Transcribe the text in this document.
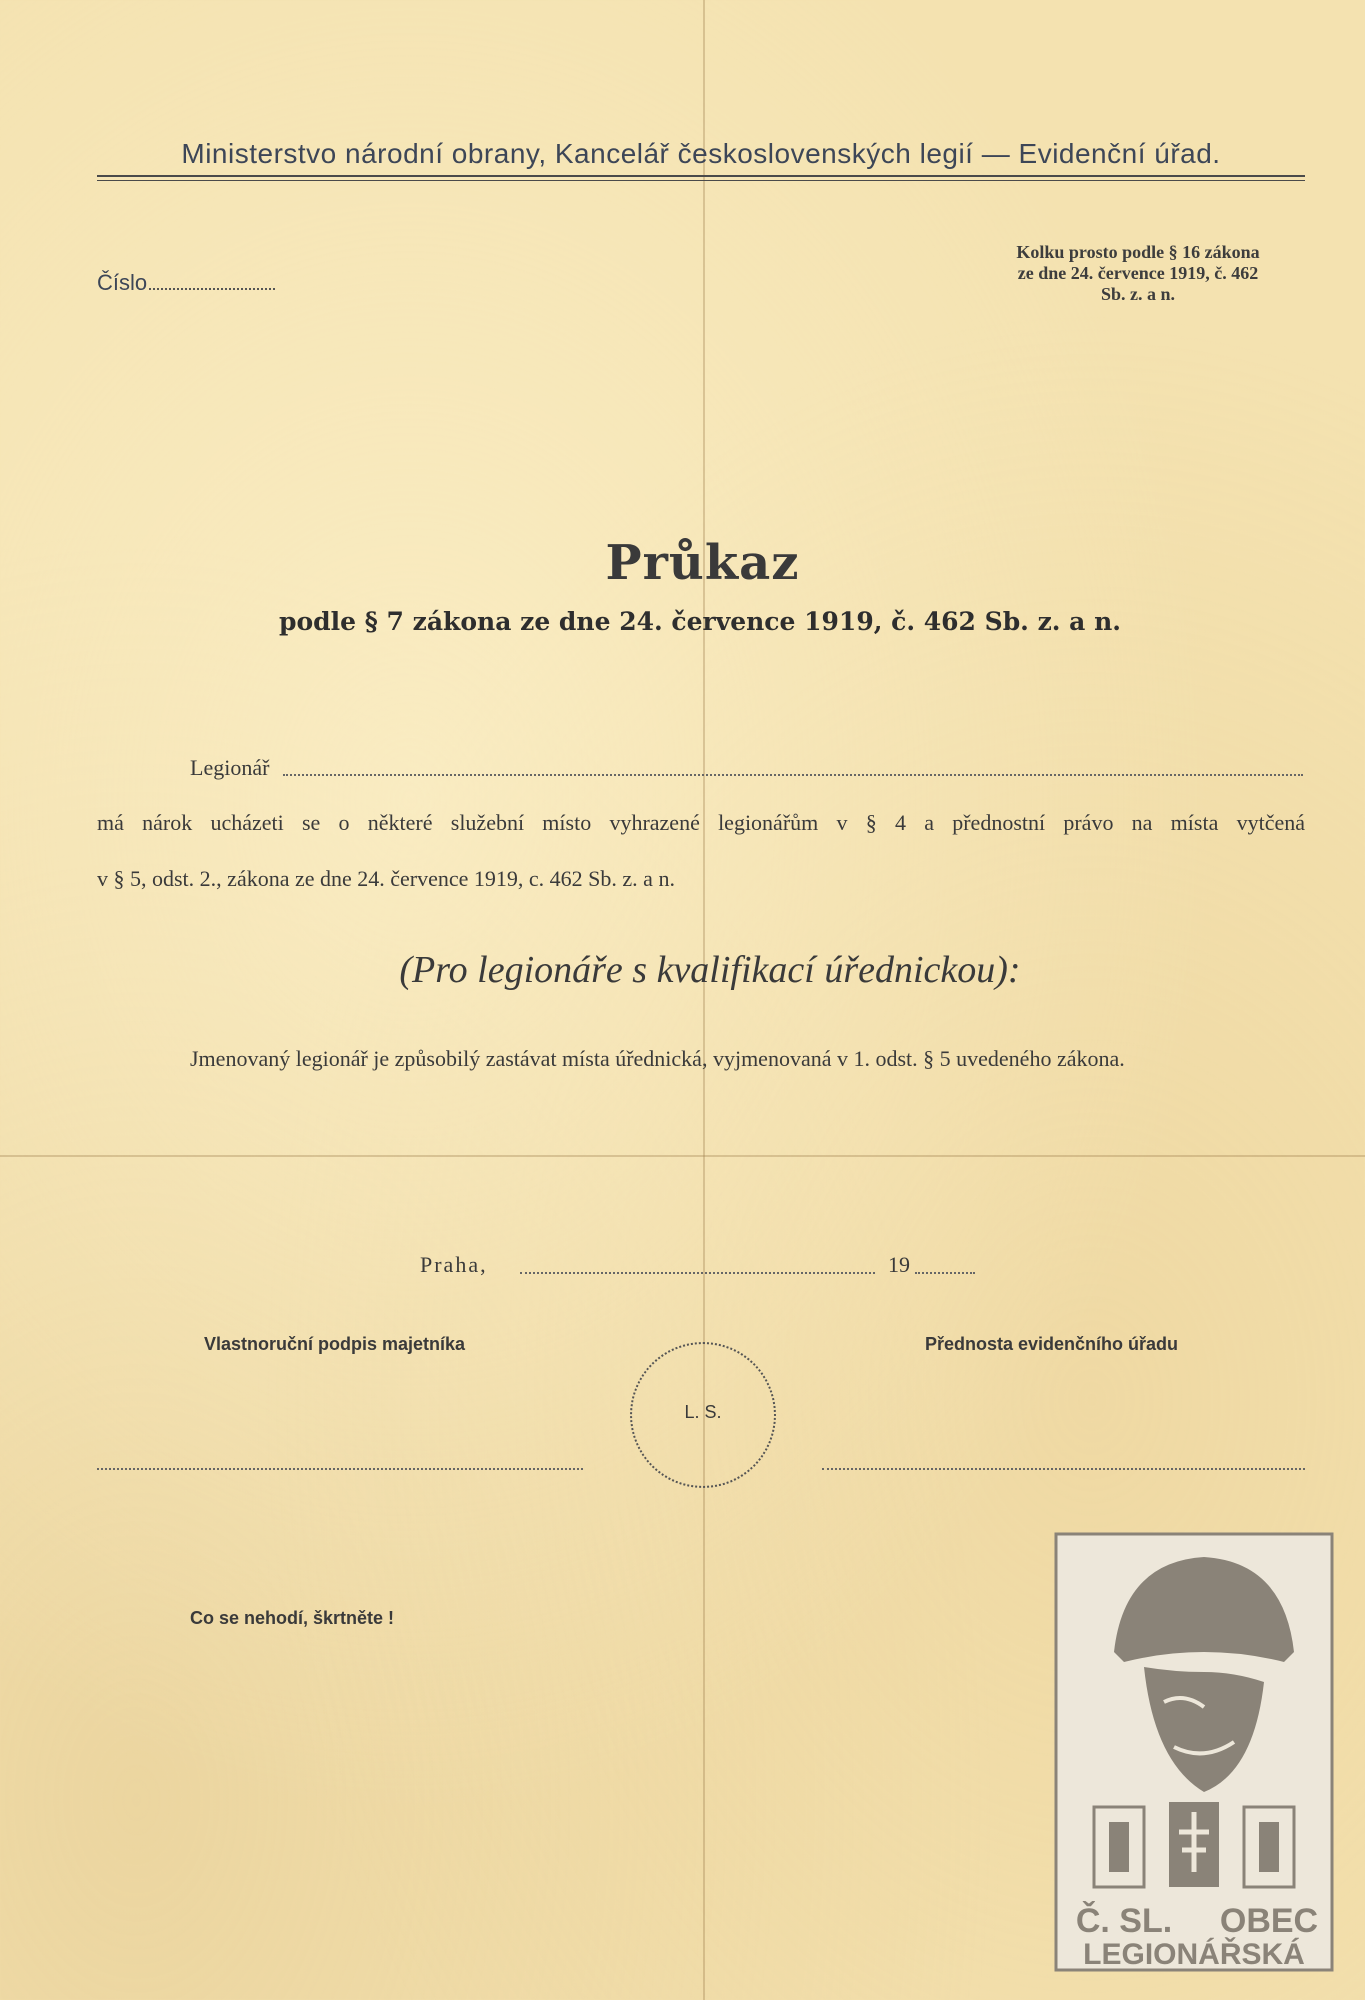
Ministerstvo národní obrany, Kancelář československých legií — Evidenční úřad.
Číslo
Kolku prosto podle § 16 zákona
ze dne 24. července 1919, č. 462
Sb. z. a n.
Průkaz
podle § 7 zákona ze dne 24. července 1919, č. 462 Sb. z. a n.
Legionář
má nárok ucházeti se o některé služební místo vyhrazené legionářům v § 4 a přednostní právo na místa vytčená
v § 5, odst. 2., zákona ze dne 24. července 1919, c. 462 Sb. z. a n.
(Pro legionáře s kvalifikací úřednickou):
Jmenovaný legionář je způsobilý zastávat místa úřednická, vyjmenovaná v 1. odst. § 5 uvedeného zákona.
Praha,	19
Vlastnoruční podpis majetníka	Přednosta evidenčního úřadu
L. S.
Co se nehodí, škrtněte !
Č. SL. OBEC
LEGIONÁŘSKÁ
